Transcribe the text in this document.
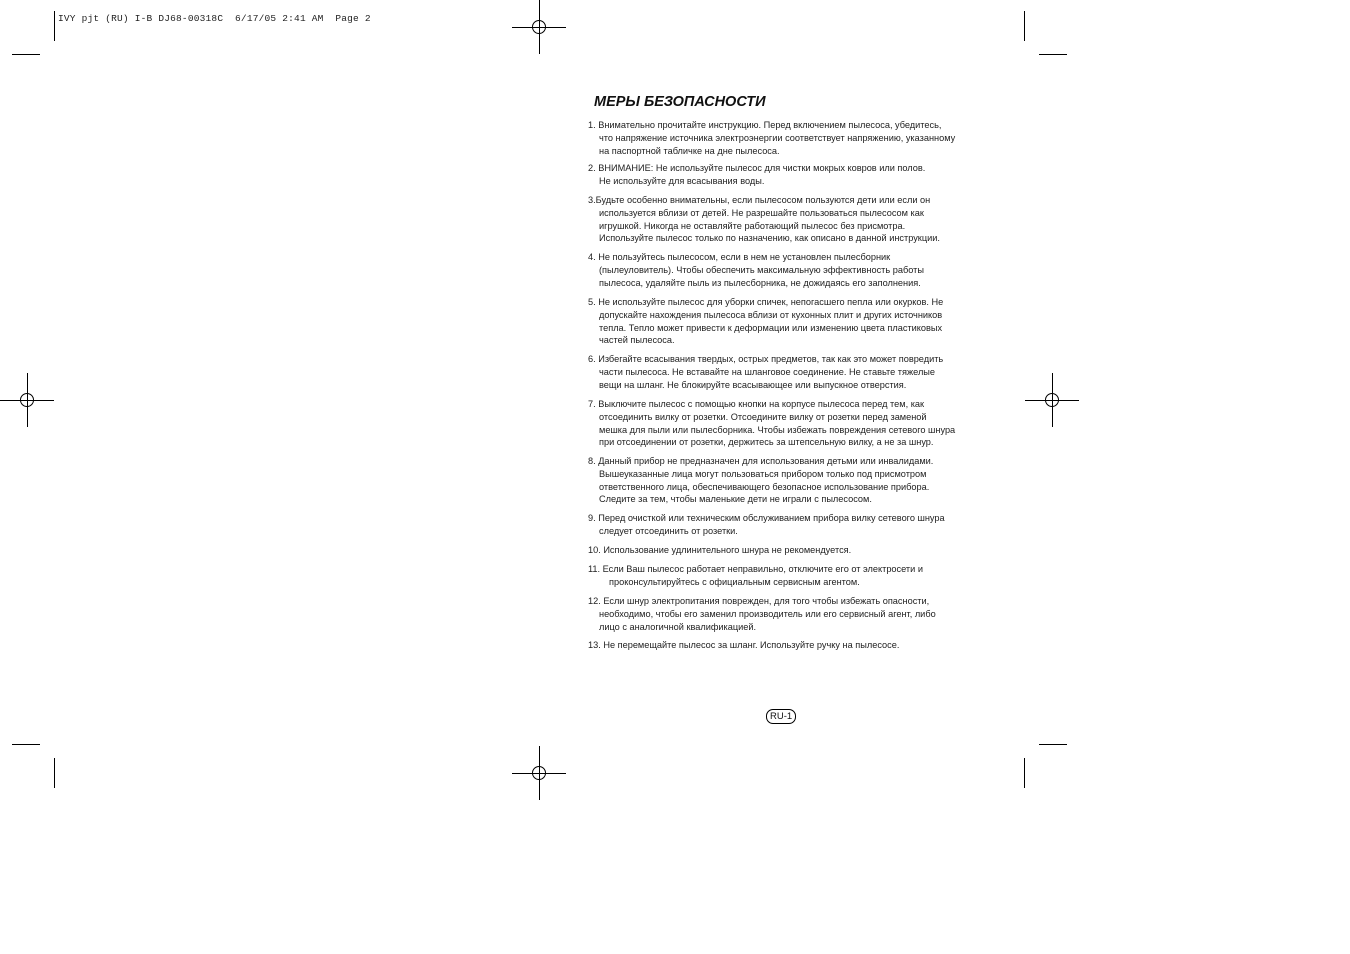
IVY pjt (RU) I-B DJ68-00318C  6/17/05 2:41 AM  Page 2
МЕРЫ БЕЗОПАСНОСТИ
1. Внимательно прочитайте инструкцию. Перед включением пылесоса, убедитесь,
что напряжение источника электроэнергии соответствует напряжению, указанному
на паспортной табличке на дне пылесоса.
2. ВНИМАНИЕ: Не используйте пылесос для чистки мокрых ковров или полов.
Не используйте для всасывания воды.
3.Будьте особенно внимательны, если пылесосом пользуются дети или если он
используется вблизи от детей. Не разрешайте пользоваться пылесосом как
игрушкой. Никогда не оставляйте работающий пылесос без присмотра.
Используйте пылесос только по назначению, как описано в данной инструкции.
4. Не пользуйтесь пылесосом, если в нем не установлен пылесборник
(пылеуловитель). Чтобы обеспечить максимальную эффективность работы
пылесоса, удаляйте пыль из пылесборника, не дожидаясь его заполнения.
5. Не используйте пылесос для уборки спичек, непогасшего пепла или окурков. Не
допускайте нахождения пылесоса вблизи от кухонных плит и других источников
тепла. Тепло может привести к деформации или изменению цвета пластиковых
частей пылесоса.
6. Избегайте всасывания твердых, острых предметов, так как это может повредить
части пылесоса. Не вставайте на шланговое соединение. Не ставьте тяжелые
вещи на шланг. Не блокируйте всасывающее или выпускное отверстия.
7. Выключите пылесос с помощью кнопки на корпусе пылесоса перед тем, как
отсоединить вилку от розетки. Отсоедините вилку от розетки перед заменой
мешка для пыли или пылесборника. Чтобы избежать повреждения сетевого шнура
при отсоединении от розетки, держитесь за штепсельную вилку, а не за шнур.
8. Данный прибор не предназначен для использования детьми или инвалидами.
Вышеуказанные лица могут пользоваться прибором только под присмотром
ответственного лица, обеспечивающего безопасное использование прибора.
Следите за тем, чтобы маленькие дети не играли с пылесосом.
9. Перед очисткой или техническим обслуживанием прибора вилку сетевого шнура
следует отсоединить от розетки.
10. Использование удлинительного шнура не рекомендуется.
11. Если Ваш пылесос работает неправильно, отключите его от электросети и
проконсультируйтесь с официальным сервисным агентом.
12. Если шнур электропитания поврежден, для того чтобы избежать опасности,
необходимо, чтобы его заменил производитель или его сервисный агент, либо
лицо с аналогичной квалификацией.
13. Не перемещайте пылесос за шланг. Используйте ручку на пылесосе.
RU-1
